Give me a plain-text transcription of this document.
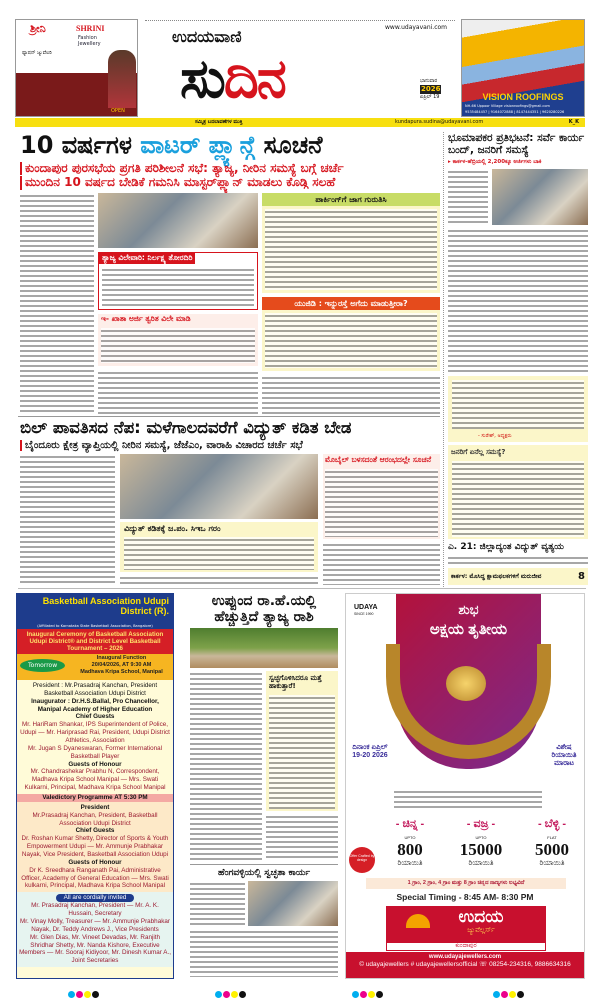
ಶ್ರೀನಿ	SHRINI
Fashion Jewellery
ಫ್ಯಾಷನ್ ಜ್ಯುವೆಲರಿ
OPEN
www.udayavani.com
ಉದಯವಾಣಿ
ಸುದಿನ	ಭಾನುವಾರ
2026
ಏಪ್ರಿಲ್ 19	VISION ROOFINGS
NH-66 Uppoor Village visionroofings@gmail.com
9535484457 | 9164072888 | 8147444351 | 9620280226
ಸಮ್ಮಿಶ್ರ ಬದಲಾವಣೆಗಳ ಮುಕ್ತಿ	kundapura.sudina@udayavani.com	K_K
10 ವರ್ಷಗಳ ವಾಟರ್ ಪ್ಲ್ಯಾನ್ಗೆ ಸೂಚನೆ
ಕುಂದಾಪುರ ಪುರಸಭೆಯ ಪ್ರಗತಿ ಪರಿಶೀಲನೆ ಸಭೆ: ತ್ಯಾಜ್ಯ, ನೀರಿನ ಸಮಸ್ಯೆ ಬಗ್ಗೆ ಚರ್ಚೆ
ಮುಂದಿನ 10 ವರ್ಷದ ಬೇಡಿಕೆ ಗಮನಿಸಿ ಮಾಸ್ಟರ್‌ಪ್ಲ್ಯಾನ್ ಮಾಡಲು ಕೊಡ್ಗಿ ಸಲಹೆ
ತ್ಯಾಜ್ಯ ವಿಲೇವಾರಿ: ನಿರ್ಲಕ್ಷ್ಯ ತೋರದಿರಿ
ಇ- ಖಾತಾ ಅರ್ಜಿ ತ್ವರಿತ ವಿಲೇ ಮಾಡಿ
ಪಾರ್ಕಿಂಗ್‌ಗೆ ಜಾಗ ಗುರುತಿಸಿ
ಯುಜಿಡಿ : ಇನ್ನುರಸ್ತೆ ಅಗೆದು ಮಾಡುತ್ತೀರಾ?
ಭೂಮಾಪಕರ ಪ್ರತಿಭಟನೆ: ಸರ್ವೆ ಕಾರ್ಯ ಬಂದ್, ಜನರಿಗೆ ಸಮಸ್ಯೆ
▸ ಕಾರ್ಕಳ-ಹೆಬ್ರಿಯಲ್ಲಿ 2,200ಕ್ಕೂ ಅರ್ಜಿಗಳು ಬಾಕಿ
- ಸುರೇಶ್, ಅಧ್ಯಕ್ಷರು
ಜನರಿಗೆ ಏನೆಲ್ಲ ಸಮಸ್ಯೆ?
ಎ. 21: ಜಿಲ್ಲಾದ್ಯಂತ ವಿದ್ಯುತ್ ವ್ಯತ್ಯಯ
ಕಾರ್ಕಳ: ಮೊಸಿದ್ಧ ಕ್ಷಾಮಫಲಕಗಳಿಗೆ ಮರುಜೀವ	8
ಬಿಲ್ ಪಾವತಿಸದ ನೆಪ: ಮಳೆಗಾಲದವರೆಗೆ ವಿದ್ಯುತ್ ಕಡಿತ ಬೇಡ
ಬೈಂದೂರು ಕ್ಷೇತ್ರ ವ್ಯಾಪ್ತಿಯಲ್ಲಿ ನೀರಿನ ಸಮಸ್ಯೆ, ಜೆಜೆಎಂ, ವಾರಾಹಿ ವಿಚಾರದ ಚರ್ಚೆ ಸಭೆ
ವಿದ್ಯುತ್ ಕಡಿತಕ್ಕೆ ಜ.ಪಂ. ಸಿಇಒ ಗರಂ
ಮೊಬೈಲ್ ಬಳಸದಂತೆ ಆರಂಭದಲ್ಲೇ ಸೂಚನೆ
Basketball Association Udupi District (R).
(Affiliated to Karnataka State Basketball Association, Bangalore)
Inaugural Ceremony of Basketball Association Udupi District® and District Level Basketball Tournament – 2026
Tomorrow
Inaugural Function
20/04/2026, AT 9:30 AM
Madhava Kripa School, Manipal
President : Mr.Prasadraj Kanchan, President Basketball Association Udupi District
Inaugurator : Dr.H.S.Ballal, Pro Chancellor, Manipal Academy of Higher Education
Chief Guests
Mr. HariRam Shankar, IPS Superintendent of Police, Udupi — Mr. Hariprasad Rai, President, Udupi District Athletics, Association
Mr. Jugan S Dyaneswaran, Former International Basketball Player
Guests of Honour
Mr. Chandrashekar Prabhu N, Correspondent, Madhava Kripa School Manipal — Mrs. Swati Kulkarni, Principal, Madhava Kripa School Manipal
Valedictory Programme AT 5:30 PM
President
Mr.Prasadraj Kanchan, President, Basketball Association Udupi District
Chief Guests
Dr. Roshan Kumar Shetty, Director of Sports & Youth Empowerment Udupi — Mr. Ammunje Prabhakar Nayak, Vice President, Basketball Association Udupi
Guests of Honour
Dr K. Sreedhara Ranganath Pai, Administrative Officer, Academy of General Education — Mrs. Swati kulkarni, Principal, Madhava Kripa School Manipal
All are cordially invited
Mr. Prasadraj Kanchan, President — Mr. A. K. Hussain, Secretary
Mr. Vinay Molly, Treasurer — Mr. Ammunje Prabhakar Nayak, Dr. Teddy Andrews J., Vice Presidents
Mr. Glen Dias, Mr. Vineet Devadas, Mr. Ranjith Shridhar Shetty, Mr. Nanda Kishore, Executive Members — Mr. Sooraj Kidiyoor, Mr. Dinesh Kumar A., Joint Secretaries
ಉಪ್ಪುಂದ ರಾ.ಹೆ.ಯಲ್ಲಿ ಹೆಚ್ಚುತ್ತಿದೆ ತ್ಯಾಜ್ಯ ರಾಶಿ
ಸ್ವಚ್ಛಗೊಳಿಸಿದರೂ ಮತ್ತೆ ಹಾಕುತ್ತಾರೆ!
ಹೆಂಗವಳ್ಳಿಯಲ್ಲಿ ಸ್ವಚ್ಛತಾ ಕಾರ್ಯ
UDAYA
SINCE 1990	ಶುಭ
ಅಕ್ಷಯ ತೃತೀಯ
ದಿನಾಂಕ ಏಪ್ರಿಲ್ 19-20 2026
ವಿಶೇಷ ರಿಯಾಯಿತಿ ಮಾರಾಟ
Offer Crafted by design
- ಚಿನ್ನ -
UPTO
800
ರಿಯಾಯಿತಿ
- ವಜ್ರ -
UPTO
15000
ರಿಯಾಯಿತಿ
- ಬೆಳ್ಳಿ -
FLAT
5000
ರಿಯಾಯಿತಿ
1 ಗ್ರಾಂ, 2 ಗ್ರಾಂ, 4 ಗ್ರಾಂ ಮತ್ತು 8 ಗ್ರಾಂ ಚಿನ್ನದ ನಾಣ್ಯಗಳು ಲಭ್ಯವಿದೆ
Special Timing - 8:45 AM- 8:30 PM
ಉದಯ
ಜ್ಯುವೆಲ್ಲರ್ಸ್
ಕುಂದಾಪುರ
www.udayajewellers.com
© udayajewellers # udayajewellersofficial ☏ 08254-234316, 9886634316
